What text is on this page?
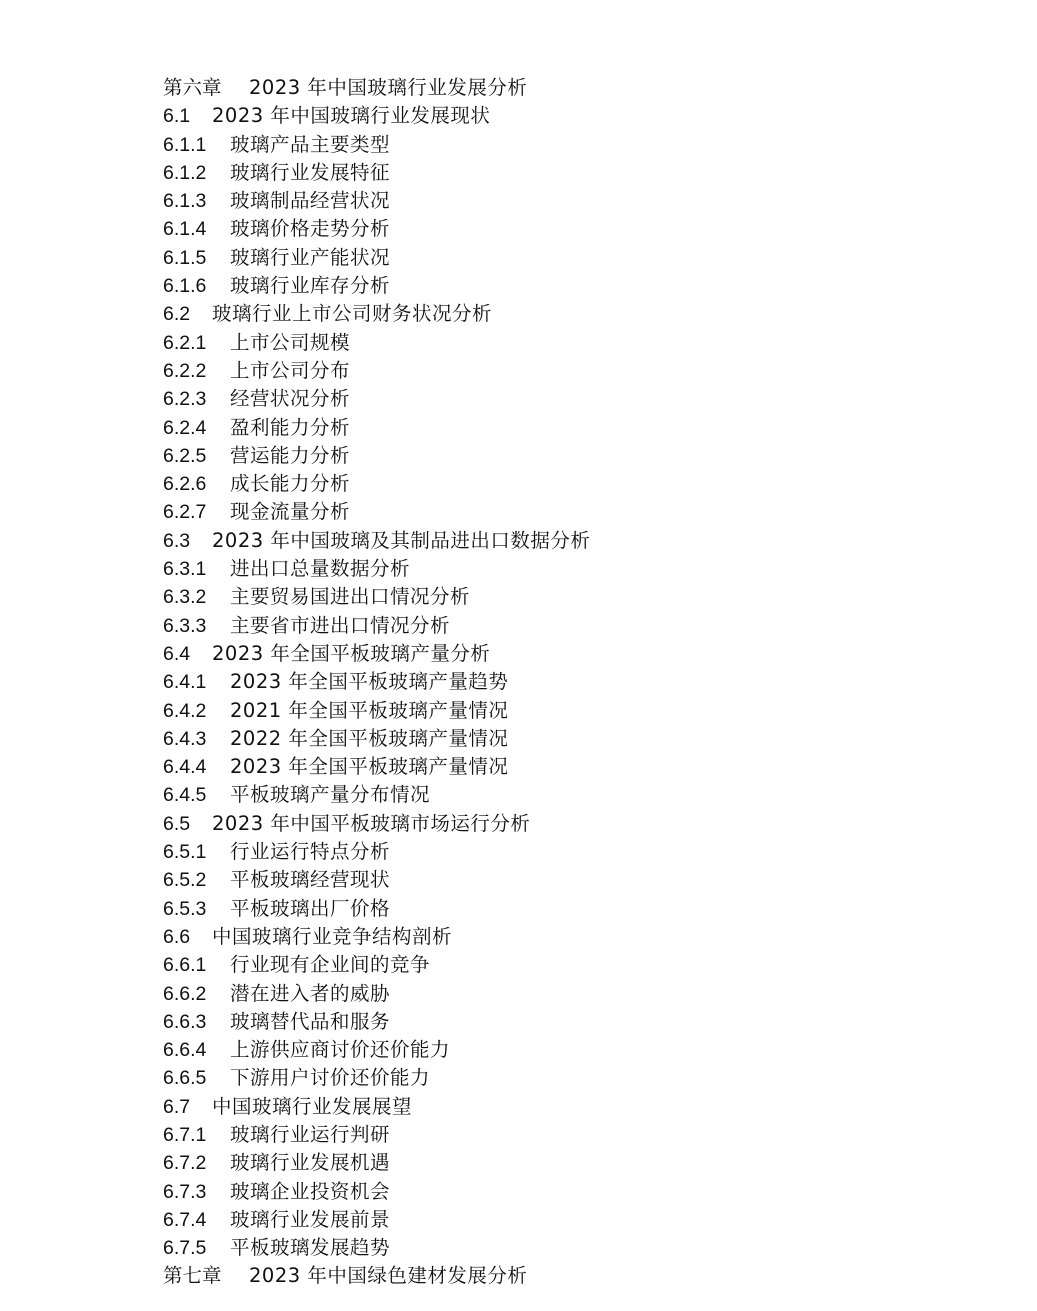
第六章	2023 年中国玻璃行业发展分析
6.1	2023 年中国玻璃行业发展现状
6.1.1	玻璃产品主要类型
6.1.2	玻璃行业发展特征
6.1.3	玻璃制品经营状况
6.1.4	玻璃价格走势分析
6.1.5	玻璃行业产能状况
6.1.6	玻璃行业库存分析
6.2	玻璃行业上市公司财务状况分析
6.2.1	上市公司规模
6.2.2	上市公司分布
6.2.3	经营状况分析
6.2.4	盈利能力分析
6.2.5	营运能力分析
6.2.6	成长能力分析
6.2.7	现金流量分析
6.3	2023 年中国玻璃及其制品进出口数据分析
6.3.1	进出口总量数据分析
6.3.2	主要贸易国进出口情况分析
6.3.3	主要省市进出口情况分析
6.4	2023 年全国平板玻璃产量分析
6.4.1	2023 年全国平板玻璃产量趋势
6.4.2	2021 年全国平板玻璃产量情况
6.4.3	2022 年全国平板玻璃产量情况
6.4.4	2023 年全国平板玻璃产量情况
6.4.5	平板玻璃产量分布情况
6.5	2023 年中国平板玻璃市场运行分析
6.5.1	行业运行特点分析
6.5.2	平板玻璃经营现状
6.5.3	平板玻璃出厂价格
6.6	中国玻璃行业竞争结构剖析
6.6.1	行业现有企业间的竞争
6.6.2	潜在进入者的威胁
6.6.3	玻璃替代品和服务
6.6.4	上游供应商讨价还价能力
6.6.5	下游用户讨价还价能力
6.7	中国玻璃行业发展展望
6.7.1	玻璃行业运行判研
6.7.2	玻璃行业发展机遇
6.7.3	玻璃企业投资机会
6.7.4	玻璃行业发展前景
6.7.5	平板玻璃发展趋势
第七章	2023 年中国绿色建材发展分析
